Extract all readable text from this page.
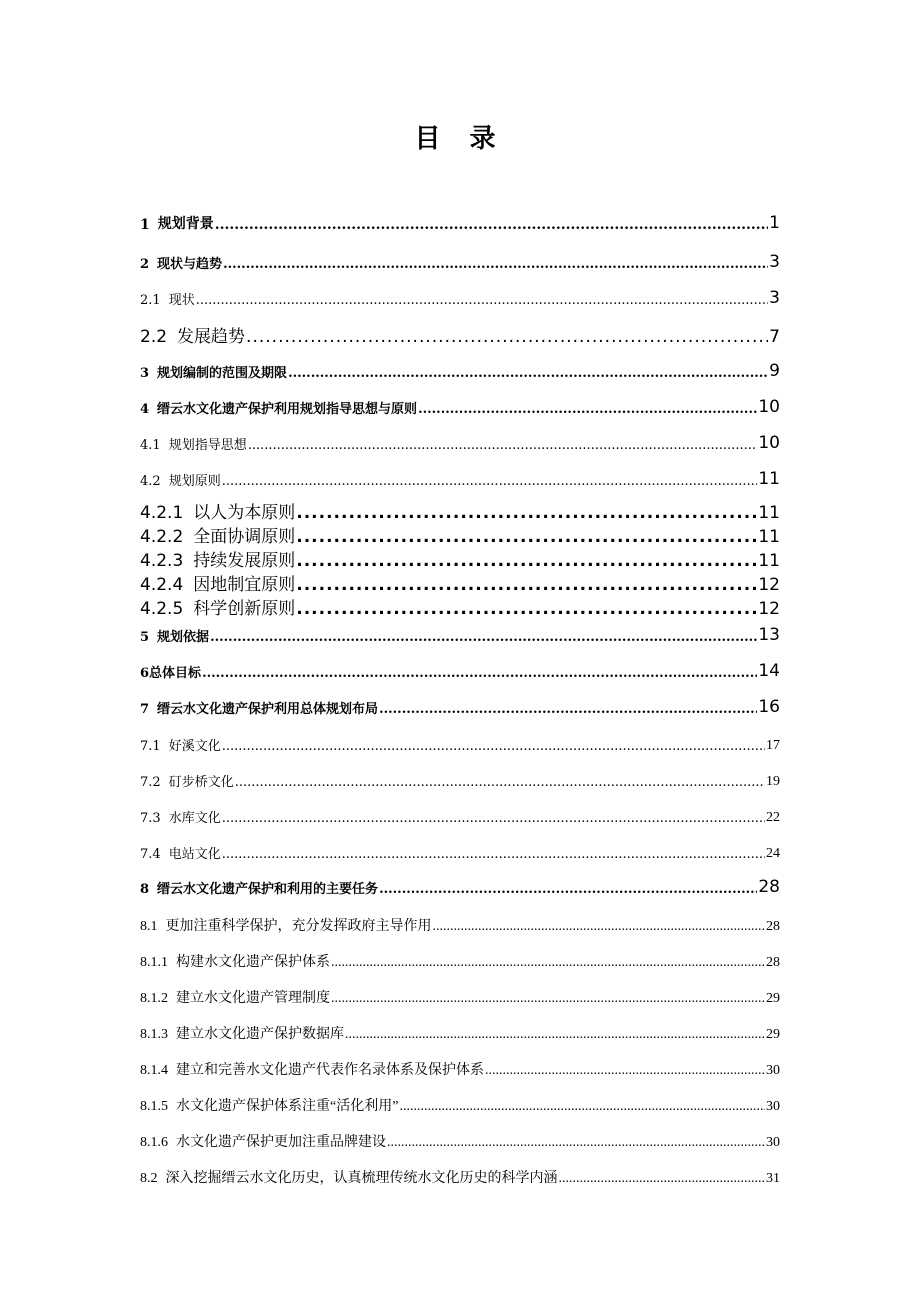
目 录
1 规划背景 .....	1
2 现状与趋势 .....	3
2.1 现状 .....	3
2.2 发展趋势 .....	7
3 规划编制的范围及期限 .....	9
4 缙云水文化遗产保护利用规划指导思想与原则 .....	10
4.1 规划指导思想 .....	10
4.2 规划原则 .....	11
4.2.1 以人为本原则 .....	11
4.2.2 全面协调原则 .....	11
4.2.3 持续发展原则 .....	11
4.2.4 因地制宜原则 .....	12
4.2.5 科学创新原则 .....	12
5 规划依据 .....	13
6 总体目标 .....	14
7 缙云水文化遗产保护利用总体规划布局 .....	16
7.1 好溪文化 .....	17
7.2 矴步桥文化 .....	19
7.3 水库文化 .....	22
7.4 电站文化 .....	24
8 缙云水文化遗产保护和利用的主要任务 .....	28
8.1 更加注重科学保护，充分发挥政府主导作用 .....	28
8.1.1 构建水文化遗产保护体系 .....	28
8.1.2 建立水文化遗产管理制度 .....	29
8.1.3 建立水文化遗产保护数据库 .....	29
8.1.4 建立和完善水文化遗产代表作名录体系及保护体系 .....	30
8.1.5 水文化遗产保护体系注重“活化利用” .....	30
8.1.6 水文化遗产保护更加注重品牌建设 .....	30
8.2 深入挖掘缙云水文化历史，认真梳理传统水文化历史的科学内涵 .....	31
